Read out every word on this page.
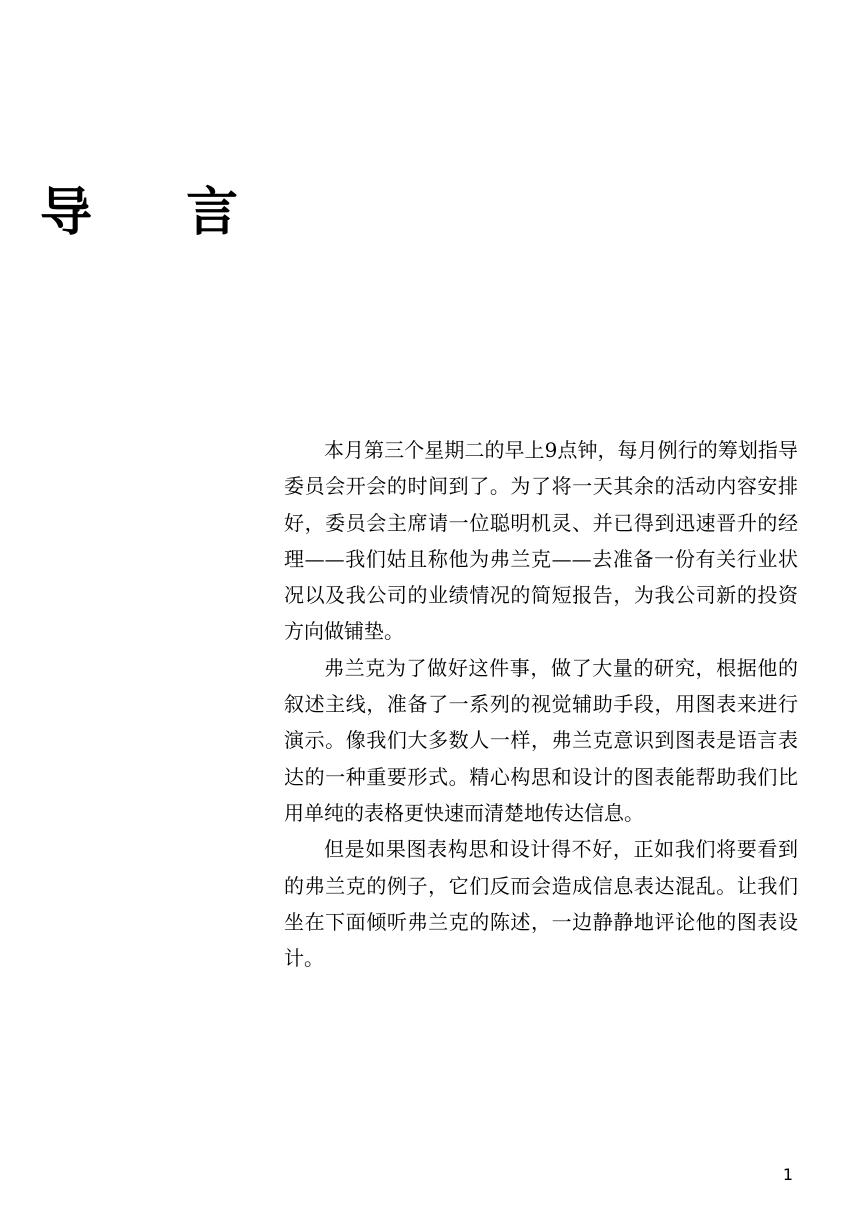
导 言

本月第三个星期二的早上9点钟，每月例行的筹划指导委员会开会的时间到了。为了将一天其余的活动内容安排好，委员会主席请一位聪明机灵、并已得到迅速晋升的经理——我们姑且称他为弗兰克——去准备一份有关行业状况以及我公司的业绩情况的简短报告，为我公司新的投资方向做铺垫。

弗兰克为了做好这件事，做了大量的研究，根据他的叙述主线，准备了一系列的视觉辅助手段，用图表来进行演示。像我们大多数人一样，弗兰克意识到图表是语言表达的一种重要形式。精心构思和设计的图表能帮助我们比用单纯的表格更快速而清楚地传达信息。

但是如果图表构思和设计得不好，正如我们将要看到的弗兰克的例子，它们反而会造成信息表达混乱。让我们坐在下面倾听弗兰克的陈述，一边静静地评论他的图表设计。

1
